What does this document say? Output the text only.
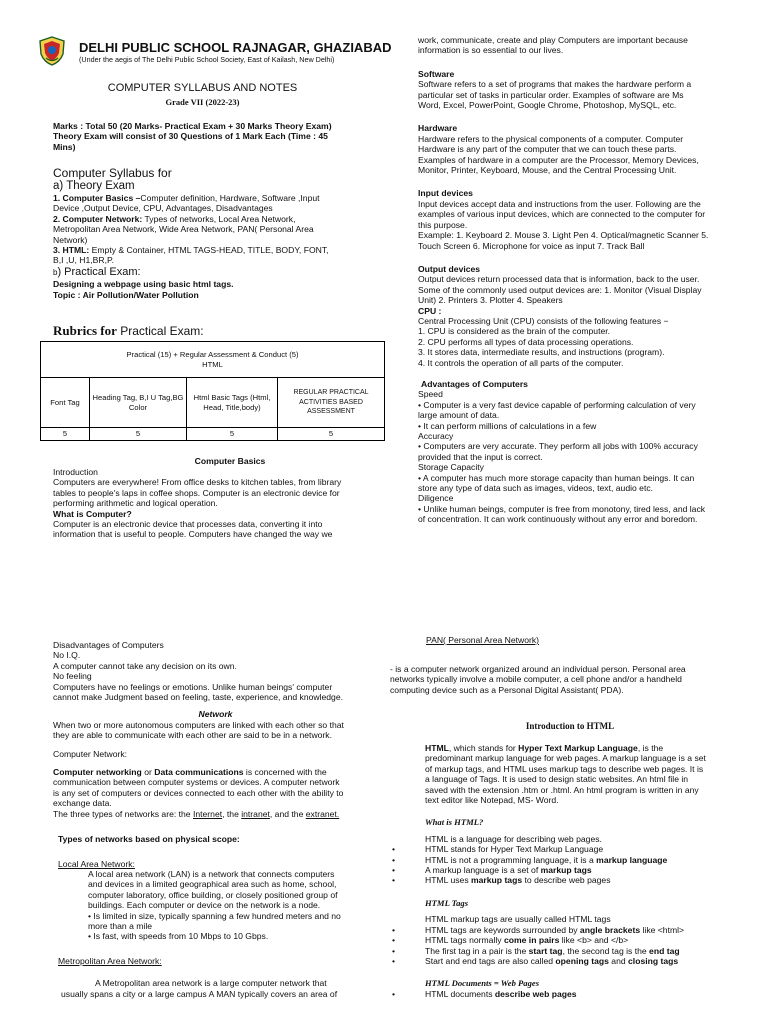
DELHI PUBLIC SCHOOL RAJNAGAR, GHAZIABAD
(Under the aegis of The Delhi Public School Society, East of Kailash, New Delhi)
COMPUTER SYLLABUS AND NOTES
Grade VII (2022-23)

Marks : Total 50 (20 Marks- Practical Exam + 30 Marks Theory Exam)

Theory Exam will consist of 30 Questions of 1 Mark Each (Time : 45

Mins)

Computer Syllabus for

a) Theory Exam

1. Computer Basics –Computer definition, Hardware, Software ,Input

Device ,Output Device, CPU, Advantages, Disadvantages

2. Computer Network: Types of networks, Local Area Network,

Metropolitan Area Network, Wide Area Network, PAN( Personal Area

Network)

3. HTML: Empty & Container, HTML TAGS-HEAD, TITLE, BODY, FONT,

B,I ,U, H1,BR,P.

b) Practical Exam:

Designing a webpage using basic html tags.

Topic : Air Pollution/Water Pollution

Rubrics for Practical Exam:
Practical (15) + Regular Assessment & Conduct (5)
HTML			

Font Tag	Heading Tag, B,I U Tag,BG Color	Html Basic Tags (Html, Head, Title,body)	REGULAR PRACTICAL ACTIVITIES BASED ASSESSMENT
5	5	5	5
Computer Basics

Introduction

Computers are everywhere! From office desks to kitchen tables, from library

tables to people's laps in coffee shops. Computer is an electronic device for

performing arithmetic and logical operation.

What is Computer?

Computer is an electronic device that processes data, converting it into

information that is useful to people. Computers have changed the way we

work, communicate, create and play Computers are important because

information is so essential to our lives.

Software

Software refers to a set of programs that makes the hardware perform a

particular set of tasks in particular order. Examples of software are Ms

Word, Excel, PowerPoint, Google Chrome, Photoshop, MySQL, etc.

Hardware

Hardware refers to the physical components of a computer. Computer

Hardware is any part of the computer that we can touch these parts.

Examples of hardware in a computer are the Processor, Memory Devices,

Monitor, Printer, Keyboard, Mouse, and the Central Processing Unit.

Input devices

Input devices accept data and instructions from the user. Following are the

examples of various input devices, which are connected to the computer for

this purpose.

Example: 1. Keyboard 2. Mouse 3. Light Pen 4. Optical/magnetic Scanner 5.

Touch Screen 6. Microphone for voice as input 7. Track Ball

Output devices

Output devices return processed data that is information, back to the user.

Some of the commonly used output devices are: 1. Monitor (Visual Display

Unit) 2. Printers 3. Plotter 4. Speakers

CPU :

Central Processing Unit (CPU) consists of the following features −

1. CPU is considered as the brain of the computer.

2. CPU performs all types of data processing operations.

3. It stores data, intermediate results, and instructions (program).

4. It controls the operation of all parts of the computer.

Advantages of Computers

Speed

• Computer is a very fast device capable of performing calculation of very

large amount of data.

• It can perform millions of calculations in a few

Accuracy

• Computers are very accurate. They perform all jobs with 100% accuracy

provided that the input is correct.

Storage Capacity

• A computer has much more storage capacity than human beings. It can

store any type of data such as images, videos, text, audio etc.

Diligence

• Unlike human beings, computer is free from monotony, tired less, and lack

of concentration. It can work continuously without any error and boredom.

Disadvantages of Computers

No I.Q.

A computer cannot take any decision on its own.

No feeling

Computers have no feelings or emotions. Unlike human beings' computer

cannot make Judgment based on feeling, taste, experience, and knowledge.

Network

When two or more autonomous computers are linked with each other so that

they are able to communicate with each other are said to be in a network.

Computer Network:

Computer networking or Data communications is concerned with the

communication between computer systems or devices. A computer network

is any set of computers or devices connected to each other with the ability to

exchange data.

The three types of networks are: the Internet, the intranet, and the extranet.

Types of networks based on physical scope:

Local Area Network:

A local area network (LAN) is a network that connects computers

and devices in a limited geographical area such as home, school,

computer laboratory, office building, or closely positioned group of

buildings. Each computer or device on the network is a node.

• Is limited in size, typically spanning a few hundred meters and no

more than a mile

• Is fast, with speeds from 10 Mbps to 10 Gbps.

Metropolitan Area Network:

A Metropolitan area network is a large computer network that

usually spans a city or a large campus A MAN typically covers an area of

PAN( Personal Area Network)

- is a computer network organized around an individual person. Personal area

networks typically involve a mobile computer, a cell phone and/or a handheld

computing device such as a Personal Digital Assistant( PDA).

Introduction to HTML

HTML, which stands for Hyper Text Markup Language, is the

predominant markup language for web pages. A markup language is a set

of markup tags, and HTML uses markup tags to describe web pages. It is

a language of Tags. It is used to design static websites. An html file in

saved with the extension .htm or .html. An html program is written in any

text editor like Notepad, MS- Word.

What is HTML?

HTML is a language for describing web pages.

• HTML stands for Hyper Text Markup Language
• HTML is not a programming language, it is a markup language
• A markup language is a set of markup tags
• HTML uses markup tags to describe web pages

HTML Tags

HTML markup tags are usually called HTML tags

• HTML tags are keywords surrounded by angle brackets like <html>
• HTML tags normally come in pairs like <b> and </b>
• The first tag in a pair is the start tag, the second tag is the end tag
• Start and end tags are also called opening tags and closing tags

HTML Documents = Web Pages

• HTML documents describe web pages
